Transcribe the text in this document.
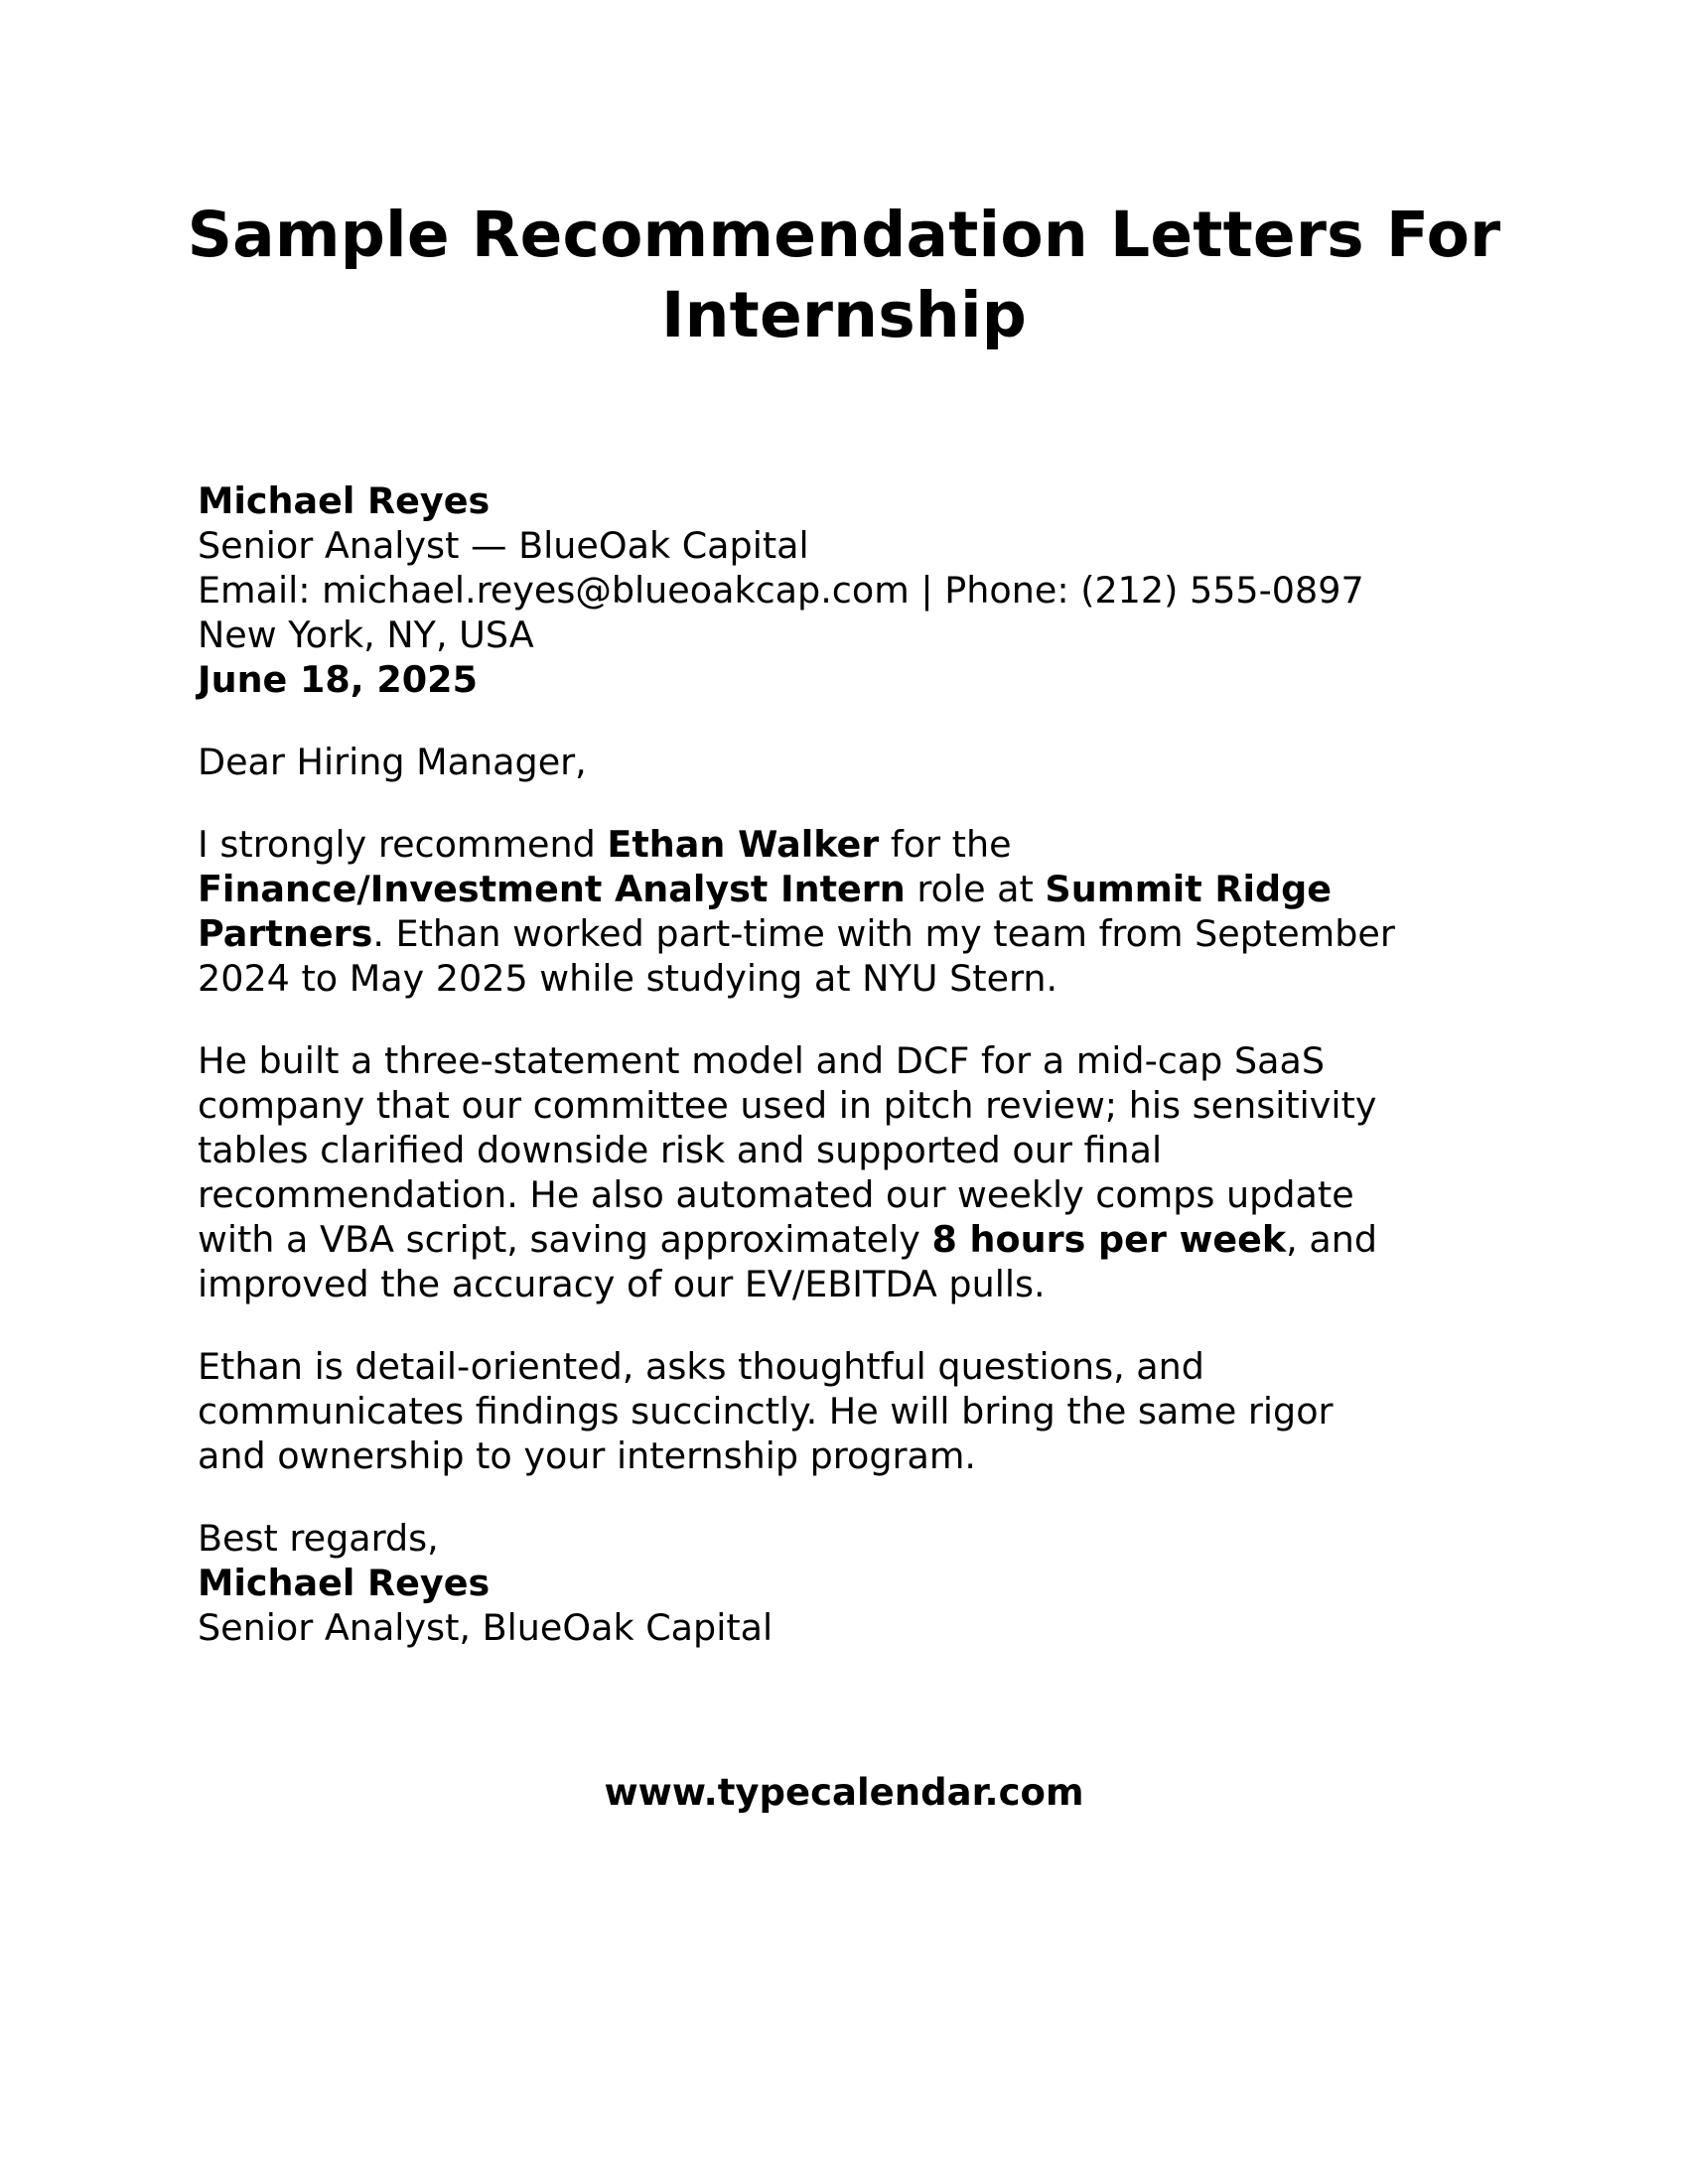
Sample Recommendation Letters For
Internship
Michael Reyes
Senior Analyst — BlueOak Capital
Email: michael.reyes@blueoakcap.com | Phone: (212) 555-0897
New York, NY, USA
June 18, 2025

Dear Hiring Manager,

I strongly recommend Ethan Walker for the
Finance/Investment Analyst Intern role at Summit Ridge
Partners. Ethan worked part-time with my team from September
2024 to May 2025 while studying at NYU Stern.

He built a three-statement model and DCF for a mid-cap SaaS
company that our committee used in pitch review; his sensitivity
tables clarified downside risk and supported our final
recommendation. He also automated our weekly comps update
with a VBA script, saving approximately 8 hours per week, and
improved the accuracy of our EV/EBITDA pulls.

Ethan is detail-oriented, asks thoughtful questions, and
communicates findings succinctly. He will bring the same rigor
and ownership to your internship program.

Best regards,
Michael Reyes
Senior Analyst, BlueOak Capital
www.typecalendar.com
